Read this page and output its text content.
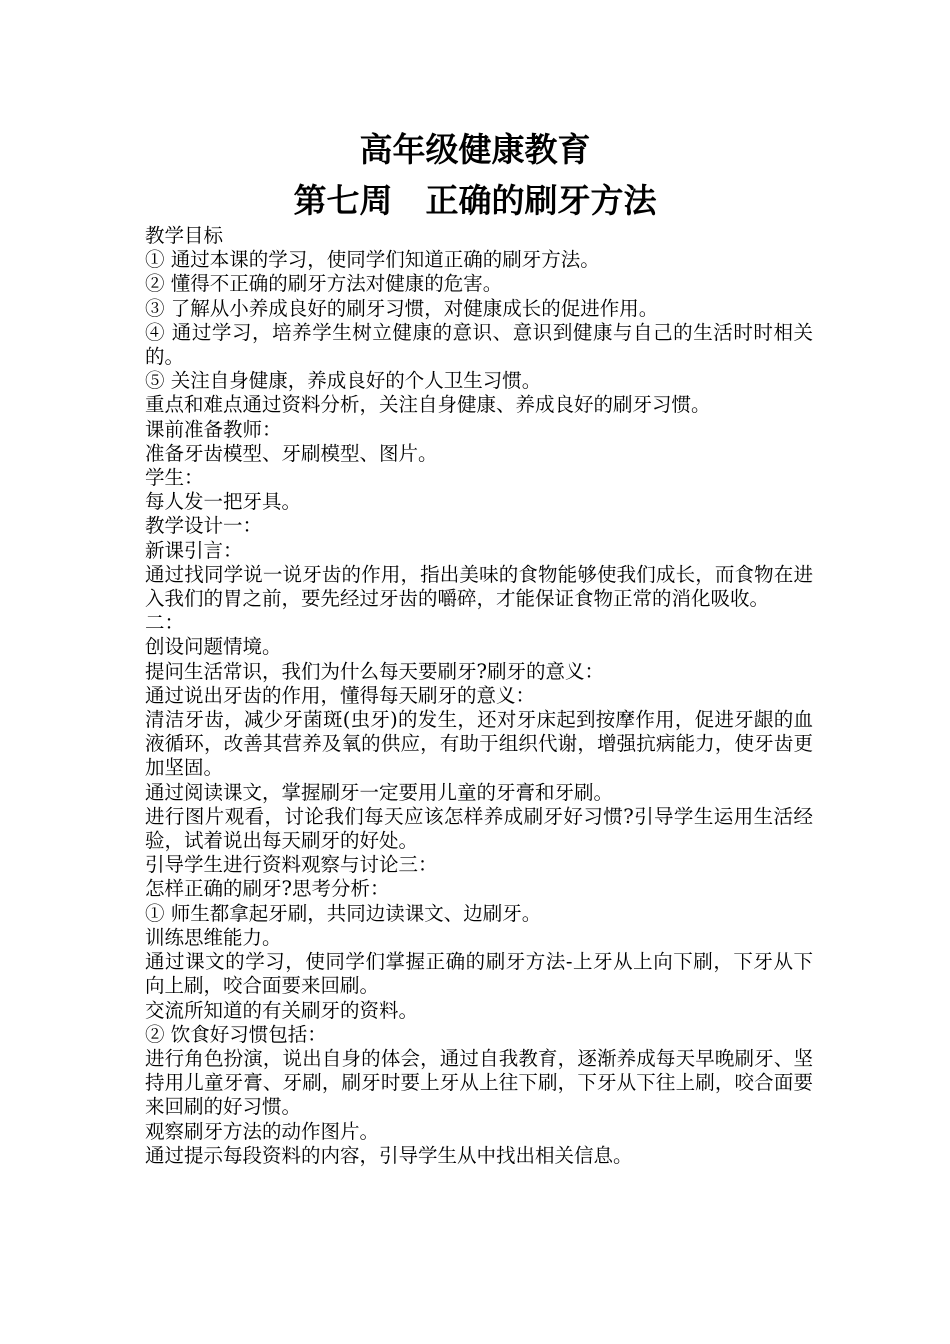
高年级健康教育
第七周　正确的刷牙方法

教学目标

① 通过本课的学习，使同学们知道正确的刷牙方法。

② 懂得不正确的刷牙方法对健康的危害。

③ 了解从小养成良好的刷牙习惯，对健康成长的促进作用。

④ 通过学习，培养学生树立健康的意识、意识到健康与自己的生活时时相关的。

⑤ 关注自身健康，养成良好的个人卫生习惯。

重点和难点通过资料分析，关注自身健康、养成良好的刷牙习惯。

课前准备教师：

准备牙齿模型、牙刷模型、图片。

学生：

每人发一把牙具。

教学设计一：

新课引言：

通过找同学说一说牙齿的作用，指出美味的食物能够使我们成长，而食物在进入我们的胃之前，要先经过牙齿的嚼碎，才能保证食物正常的消化吸收。

二：

创设问题情境。

提问生活常识，我们为什么每天要刷牙?刷牙的意义：

通过说出牙齿的作用，懂得每天刷牙的意义：

清洁牙齿，减少牙菌斑(虫牙)的发生，还对牙床起到按摩作用，促进牙龈的血液循环，改善其营养及氧的供应，有助于组织代谢，增强抗病能力，使牙齿更加坚固。

通过阅读课文，掌握刷牙一定要用儿童的牙膏和牙刷。

进行图片观看，讨论我们每天应该怎样养成刷牙好习惯?引导学生运用生活经验，试着说出每天刷牙的好处。

引导学生进行资料观察与讨论三：

怎样正确的刷牙?思考分析：

① 师生都拿起牙刷，共同边读课文、边刷牙。

训练思维能力。

通过课文的学习，使同学们掌握正确的刷牙方法-上牙从上向下刷，下牙从下向上刷，咬合面要来回刷。

交流所知道的有关刷牙的资料。

② 饮食好习惯包括：

进行角色扮演，说出自身的体会，通过自我教育，逐渐养成每天早晚刷牙、坚持用儿童牙膏、牙刷，刷牙时要上牙从上往下刷，下牙从下往上刷，咬合面要来回刷的好习惯。

观察刷牙方法的动作图片。

通过提示每段资料的内容，引导学生从中找出相关信息。
